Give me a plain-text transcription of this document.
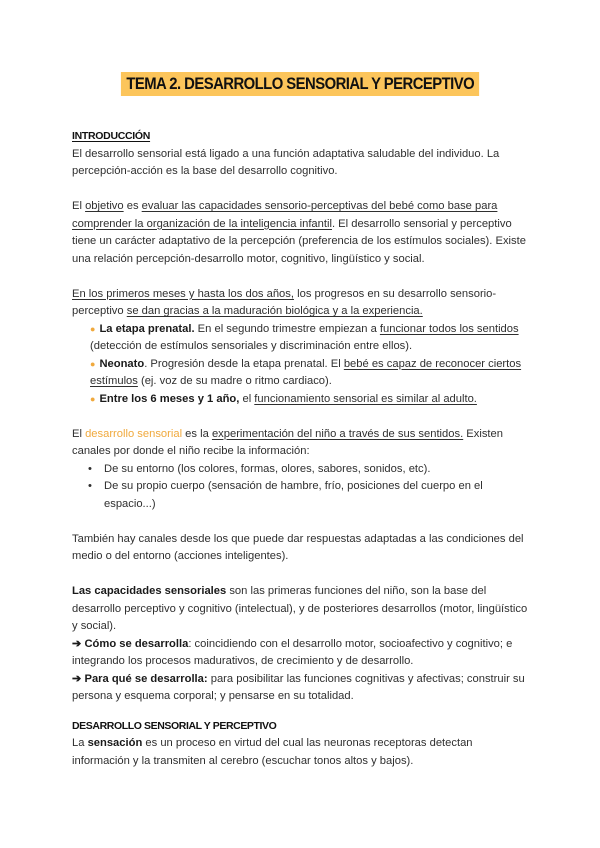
TEMA 2. DESARROLLO SENSORIAL Y PERCEPTIVO

INTRODUCCIÓN

El desarrollo sensorial está ligado a una función adaptativa saludable del individuo. La percepción-acción es la base del desarrollo cognitivo.

El objetivo es evaluar las capacidades sensorio-perceptivas del bebé como base para comprender la organización de la inteligencia infantil. El desarrollo sensorial y perceptivo tiene un carácter adaptativo de la percepción (preferencia de los estímulos sociales). Existe una relación percepción-desarrollo motor, cognitivo, lingüístico y social.

En los primeros meses y hasta los dos años, los progresos en su desarrollo sensorio-perceptivo se dan gracias a la maduración biológica y a la experiencia.

● La etapa prenatal. En el segundo trimestre empiezan a funcionar todos los sentidos (detección de estímulos sensoriales y discriminación entre ellos).

● Neonato. Progresión desde la etapa prenatal. El bebé es capaz de reconocer ciertos estímulos (ej. voz de su madre o ritmo cardiaco).

● Entre los 6 meses y 1 año, el funcionamiento sensorial es similar al adulto.

El desarrollo sensorial es la experimentación del niño a través de sus sentidos. Existen canales por donde el niño recibe la información:

• De su entorno (los colores, formas, olores, sabores, sonidos, etc).
• De su propio cuerpo (sensación de hambre, frío, posiciones del cuerpo en el espacio...)

También hay canales desde los que puede dar respuestas adaptadas a las condiciones del medio o del entorno (acciones inteligentes).

Las capacidades sensoriales son las primeras funciones del niño, son la base del desarrollo perceptivo y cognitivo (intelectual), y de posteriores desarrollos (motor, lingüístico y social).

➔ Cómo se desarrolla: coincidiendo con el desarrollo motor, socioafectivo y cognitivo; e integrando los procesos madurativos, de crecimiento y de desarrollo.

➔ Para qué se desarrolla: para posibilitar las funciones cognitivas y afectivas; construir su persona y esquema corporal; y pensarse en su totalidad.

DESARROLLO SENSORIAL Y PERCEPTIVO

La sensación es un proceso en virtud del cual las neuronas receptoras detectan información y la transmiten al cerebro (escuchar tonos altos y bajos).
